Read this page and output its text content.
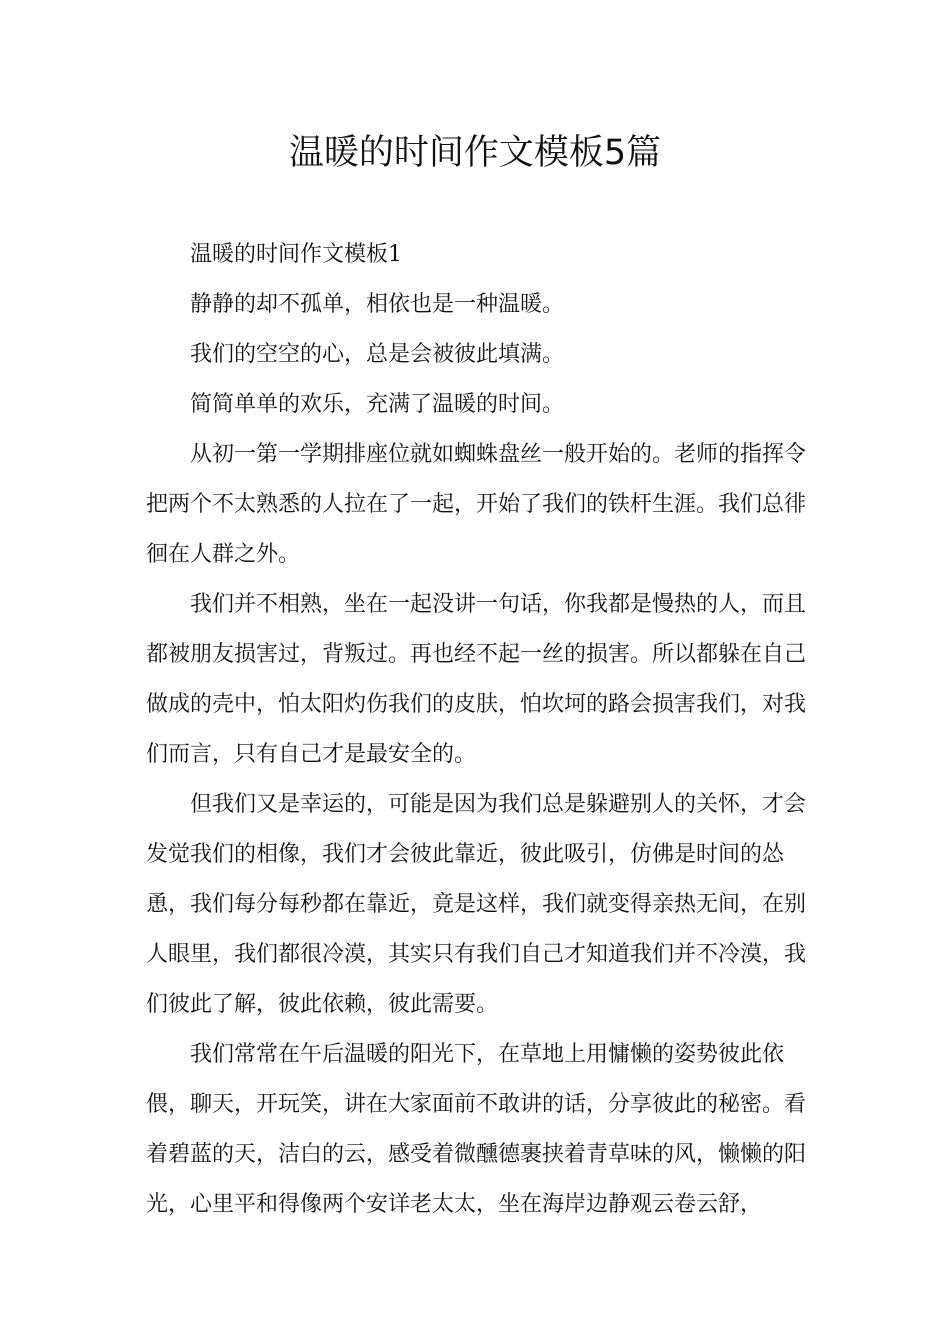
温暖的时间作文模板5篇

温暖的时间作文模板1

静静的却不孤单，相依也是一种温暖。

我们的空空的心，总是会被彼此填满。

简简单单的欢乐，充满了温暖的时间。

从初一第一学期排座位就如蜘蛛盘丝一般开始的。老师的指挥令把两个不太熟悉的人拉在了一起，开始了我们的铁杆生涯。我们总徘徊在人群之外。

我们并不相熟，坐在一起没讲一句话，你我都是慢热的人，而且都被朋友损害过，背叛过。再也经不起一丝的损害。所以都躲在自己做成的壳中，怕太阳灼伤我们的皮肤，怕坎坷的路会损害我们，对我们而言，只有自己才是最安全的。

但我们又是幸运的，可能是因为我们总是躲避别人的关怀，才会发觉我们的相像，我们才会彼此靠近，彼此吸引，仿佛是时间的怂恿，我们每分每秒都在靠近，竟是这样，我们就变得亲热无间，在别人眼里，我们都很冷漠，其实只有我们自己才知道我们并不冷漠，我们彼此了解，彼此依赖，彼此需要。

我们常常在午后温暖的阳光下，在草地上用慵懒的姿势彼此依偎，聊天，开玩笑，讲在大家面前不敢讲的话，分享彼此的秘密。看着碧蓝的天，洁白的云，感受着微醺德裹挟着青草味的风，懒懒的阳光，心里平和得像两个安详老太太，坐在海岸边静观云卷云舒，
